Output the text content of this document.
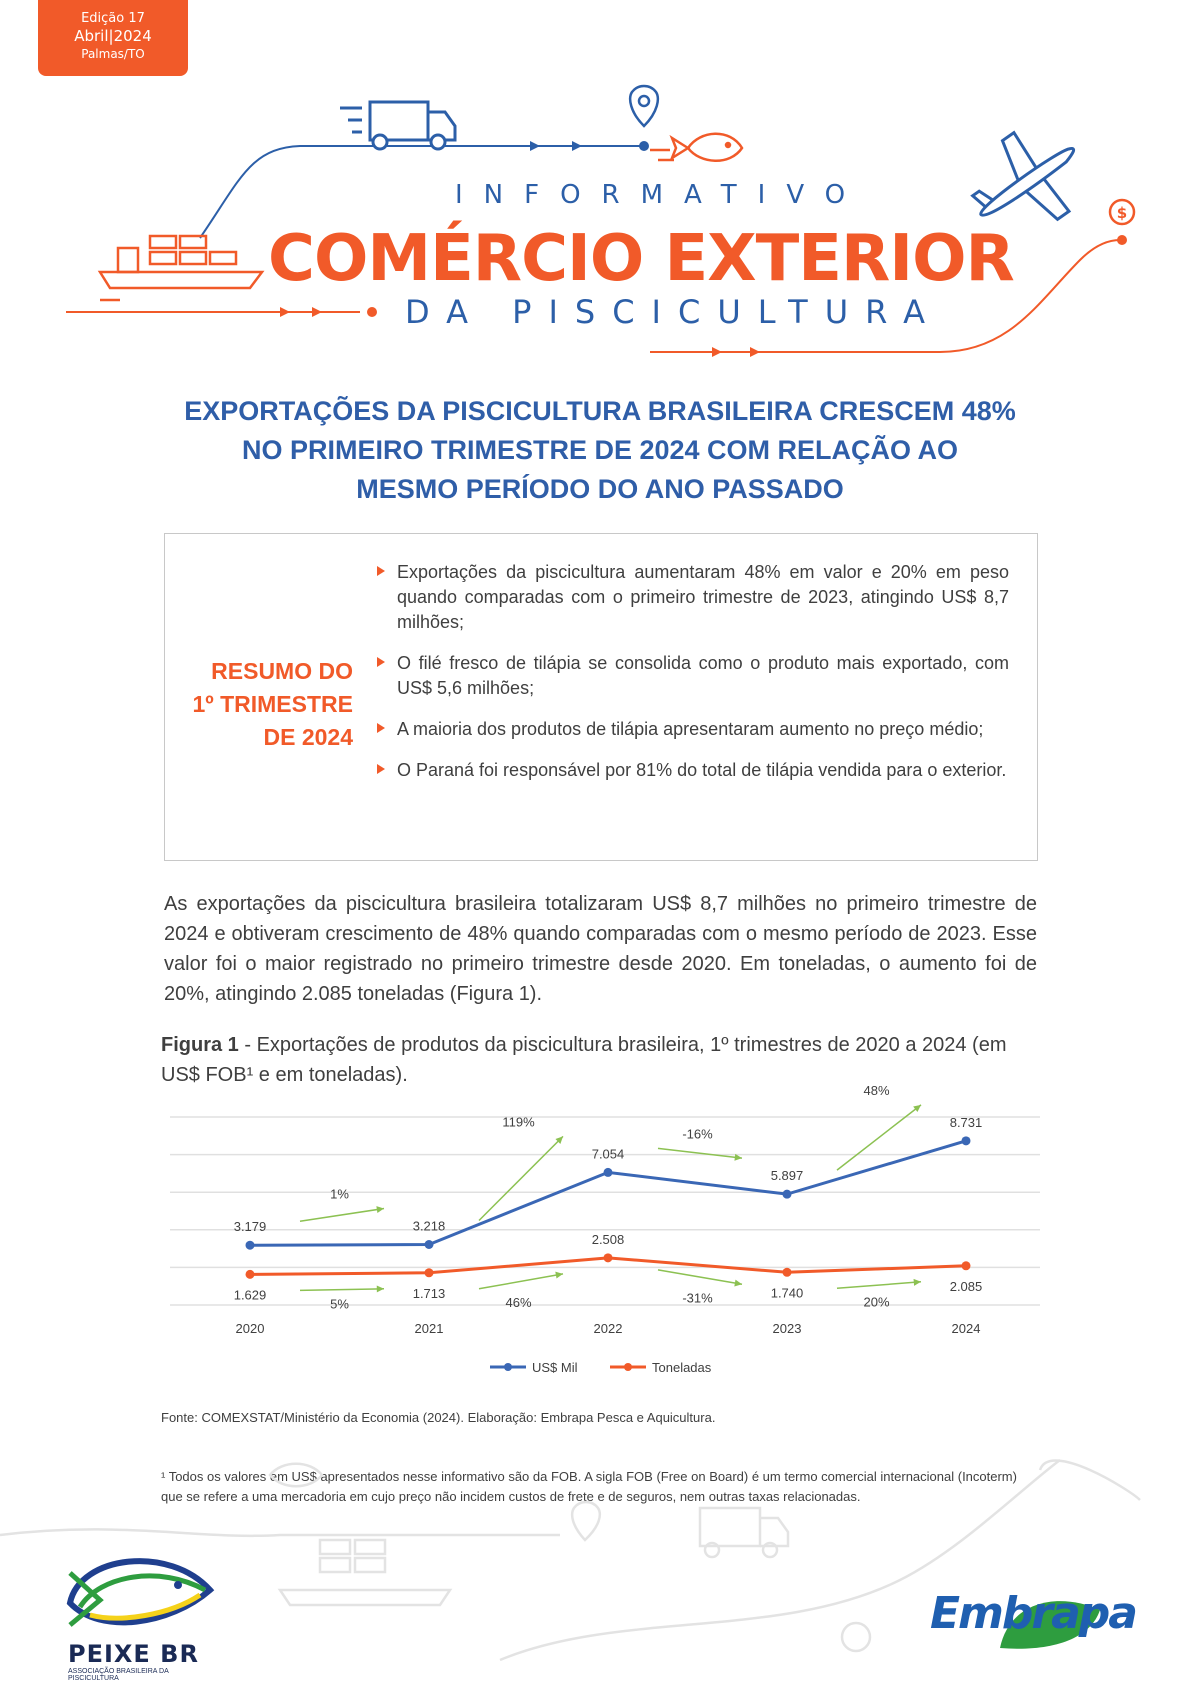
$
Edição 17
Abril|2024
Palmas/TO
INFORMATIVO
COMÉRCIO EXTERIOR
DA PISCICULTURA
EXPORTAÇÕES DA PISCICULTURA BRASILEIRA CRESCEM 48%
NO PRIMEIRO TRIMESTRE DE 2024 COM RELAÇÃO AO
MESMO PERÍODO DO ANO PASSADO
RESUMO DO
1º TRIMESTRE
DE 2024
Exportações da piscicultura aumentaram 48% em valor e 20% em peso quando comparadas com o primeiro trimestre de 2023, atingindo US$ 8,7 milhões;
O filé fresco de tilápia se consolida como o produto mais exportado, com US$ 5,6 milhões;
A maioria dos produtos de tilápia apresentaram aumento no preço médio;
O Paraná foi responsável por 81% do total de tilápia vendida para o exterior.
As exportações da piscicultura brasileira totalizaram US$ 8,7 milhões no primeiro trimestre de 2024 e obtiveram crescimento de 48% quando comparadas com o mesmo período de 2023. Esse valor foi o maior registrado no primeiro trimestre desde 2020. Em toneladas, o aumento foi de 20%, atingindo 2.085 toneladas (Figura 1).
Figura 1 - Exportações de produtos da piscicultura brasileira, 1º trimestres de 2020 a 2024 (em US$ FOB¹ e em toneladas).
2020	2021	2022	2023	2024
1%
119%
-16%
48%
3.179	3.218
7.054
5.897
8.731
5%	46%	-31%	20%
1.629	1.713
2.508
1.740	2.085
US$ Mil	Toneladas
Fonte: COMEXSTAT/Ministério da Economia (2024). Elaboração: Embrapa Pesca e Aquicultura.
¹ Todos os valores em US$ apresentados nesse informativo são da FOB. A sigla FOB (Free on Board) é um termo comercial internacional (Incoterm) que se refere a uma mercadoria em cujo preço não incidem custos de frete e de seguros, nem outras taxas relacionadas.
PEIXE BR
ASSOCIAÇÃO BRASILEIRA DA PISCICULTURA
Embrapa
